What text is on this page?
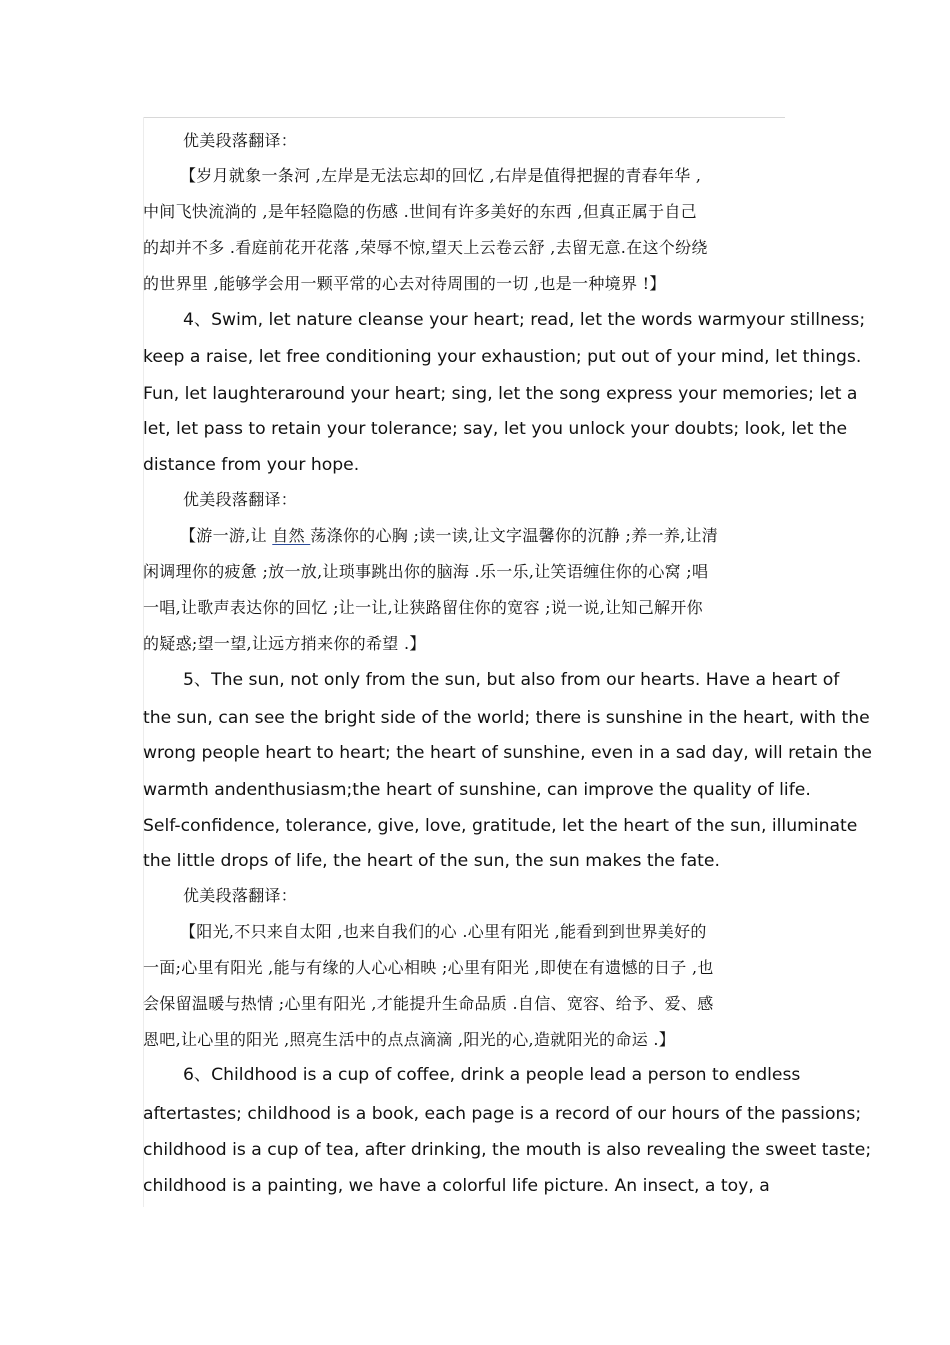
优美段落翻译：
【岁月就象一条河 ,左岸是无法忘却的回忆 ,右岸是值得把握的青春年华 ,
中间飞快流淌的 ,是年轻隐隐的伤感 .世间有许多美好的东西 ,但真正属于自己
的却并不多 .看庭前花开花落 ,荣辱不惊,望天上云卷云舒 ,去留无意.在这个纷绕
的世界里 ,能够学会用一颗平常的心去对待周围的一切 ,也是一种境界 !】
4、Swim, let nature cleanse your heart; read, let the words warmyour stillness;
keep a raise, let free conditioning your exhaustion; put out of your mind, let things.
Fun, let laughteraround your heart; sing, let the song express your memories; let a
let, let pass to retain your tolerance; say, let you unlock your doubts; look, let the
distance from your hope.
优美段落翻译：
【游一游,让 自然 荡涤你的心胸 ;读一读,让文字温馨你的沉静 ;养一养,让清
闲调理你的疲惫 ;放一放,让琐事跳出你的脑海 .乐一乐,让笑语缠住你的心窝 ;唱
一唱,让歌声表达你的回忆 ;让一让,让狭路留住你的宽容 ;说一说,让知己解开你
的疑惑;望一望,让远方捎来你的希望 .】
5、The sun, not only from the sun, but also from our hearts. Have a heart of
the sun, can see the bright side of the world; there is sunshine in the heart, with the
wrong people heart to heart; the heart of sunshine, even in a sad day, will retain the
warmth andenthusiasm;the heart of sunshine, can improve the quality of life.
Self-confidence, tolerance, give, love, gratitude, let the heart of the sun, illuminate
the little drops of life, the heart of the sun, the sun makes the fate.
优美段落翻译：
【阳光,不只来自太阳 ,也来自我们的心 .心里有阳光 ,能看到到世界美好的
一面;心里有阳光 ,能与有缘的人心心相映 ;心里有阳光 ,即使在有遗憾的日子 ,也
会保留温暖与热情 ;心里有阳光 ,才能提升生命品质 .自信、宽容、给予、爱、感
恩吧,让心里的阳光 ,照亮生活中的点点滴滴 ,阳光的心,造就阳光的命运 .】
6、Childhood is a cup of coffee, drink a people lead a person to endless
aftertastes; childhood is a book, each page is a record of our hours of the passions;
childhood is a cup of tea, after drinking, the mouth is also revealing the sweet taste;
childhood is a painting, we have a colorful life picture. An insect, a toy, a
